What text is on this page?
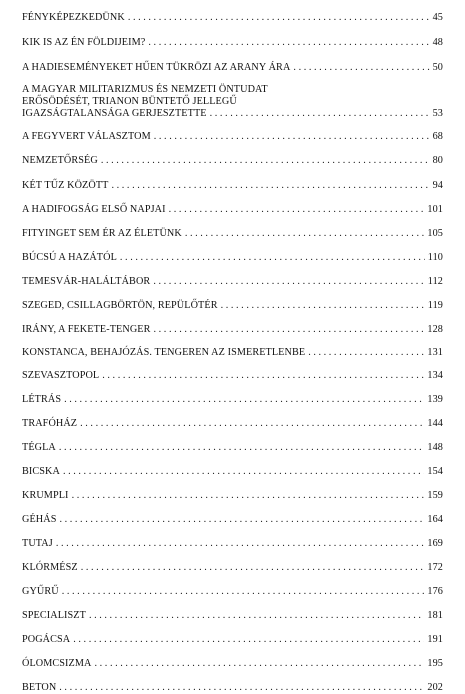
FÉNYKÉPEZKEDÜNK .....	45
KIK IS AZ ÉN FÖLDIJEIM? .....	48
A HADIESEMÉNYEKET HŰEN TÜKRÖZI AZ ARANY ÁRA .....	50
A MAGYAR MILITARIZMUS ÉS NEMZETI ÖNTUDAT
ERŐSÖDÉSÉT, TRIANON BÜNTETŐ JELLEGŰ
IGAZSÁGTALANSÁGA GERJESZTETTE .....	53
A FEGYVERT VÁLASZTOM .....	68
NEMZETŐRSÉG .....	80
KÉT TŰZ KÖZÖTT .....	94
A HADIFOGSÁG ELSŐ NAPJAI .....	101
FITYINGET SEM ÉR AZ ÉLETÜNK .....	105
BÚCSÚ A HAZÁTÓL .....	110
TEMESVÁR-HALÁLTÁBOR .....	112
SZEGED, CSILLAGBÖRTÖN, REPÜLŐTÉR .....	119
IRÁNY, A FEKETE-TENGER .....	128
KONSTANCA, BEHAJÓZÁS. TENGEREN AZ ISMERETLENBE .....	131
SZEVASZTOPOL .....	134
LÉTRÁS .....	139
TRAFÓHÁZ .....	144
TÉGLA .....	148
BICSKA .....	154
KRUMPLI .....	159
GÉHÁS .....	164
TUTAJ .....	169
KLÓRMÉSZ .....	172
GYŰRŰ .....	176
SPECIALISZT .....	181
POGÁCSA .....	191
ÓLOMCSIZMA .....	195
BETON .....	202
